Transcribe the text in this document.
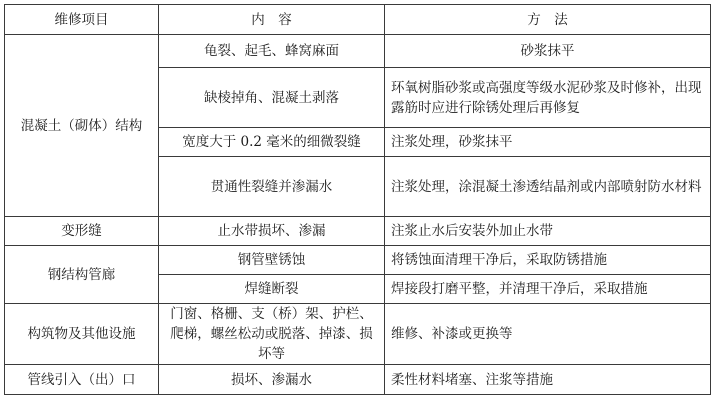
维修项目	内　容	方　法
混凝土（砌体）结构	龟裂、起毛、蜂窝麻面	砂浆抹平
	缺棱掉角、混凝土剥落	环氧树脂砂浆或高强度等级水泥砂浆及时修补，出现露筋时应进行除锈处理后再修复
	宽度大于 0.2 毫米的细微裂缝	注浆处理，砂浆抹平
	贯通性裂缝并渗漏水	注浆处理，涂混凝土渗透结晶剂或内部喷射防水材料
变形缝	止水带损坏、渗漏	注浆止水后安装外加止水带
钢结构管廊	钢管壁锈蚀	将锈蚀面清理干净后，采取防锈措施
	焊缝断裂	焊接段打磨平整，并清理干净后，采取措施
构筑物及其他设施	门窗、格栅、支（桥）架、护栏、爬梯，螺丝松动或脱落、掉漆、损坏等	维修、补漆或更换等
管线引入（出）口	损坏、渗漏水	柔性材料堵塞、注浆等措施
